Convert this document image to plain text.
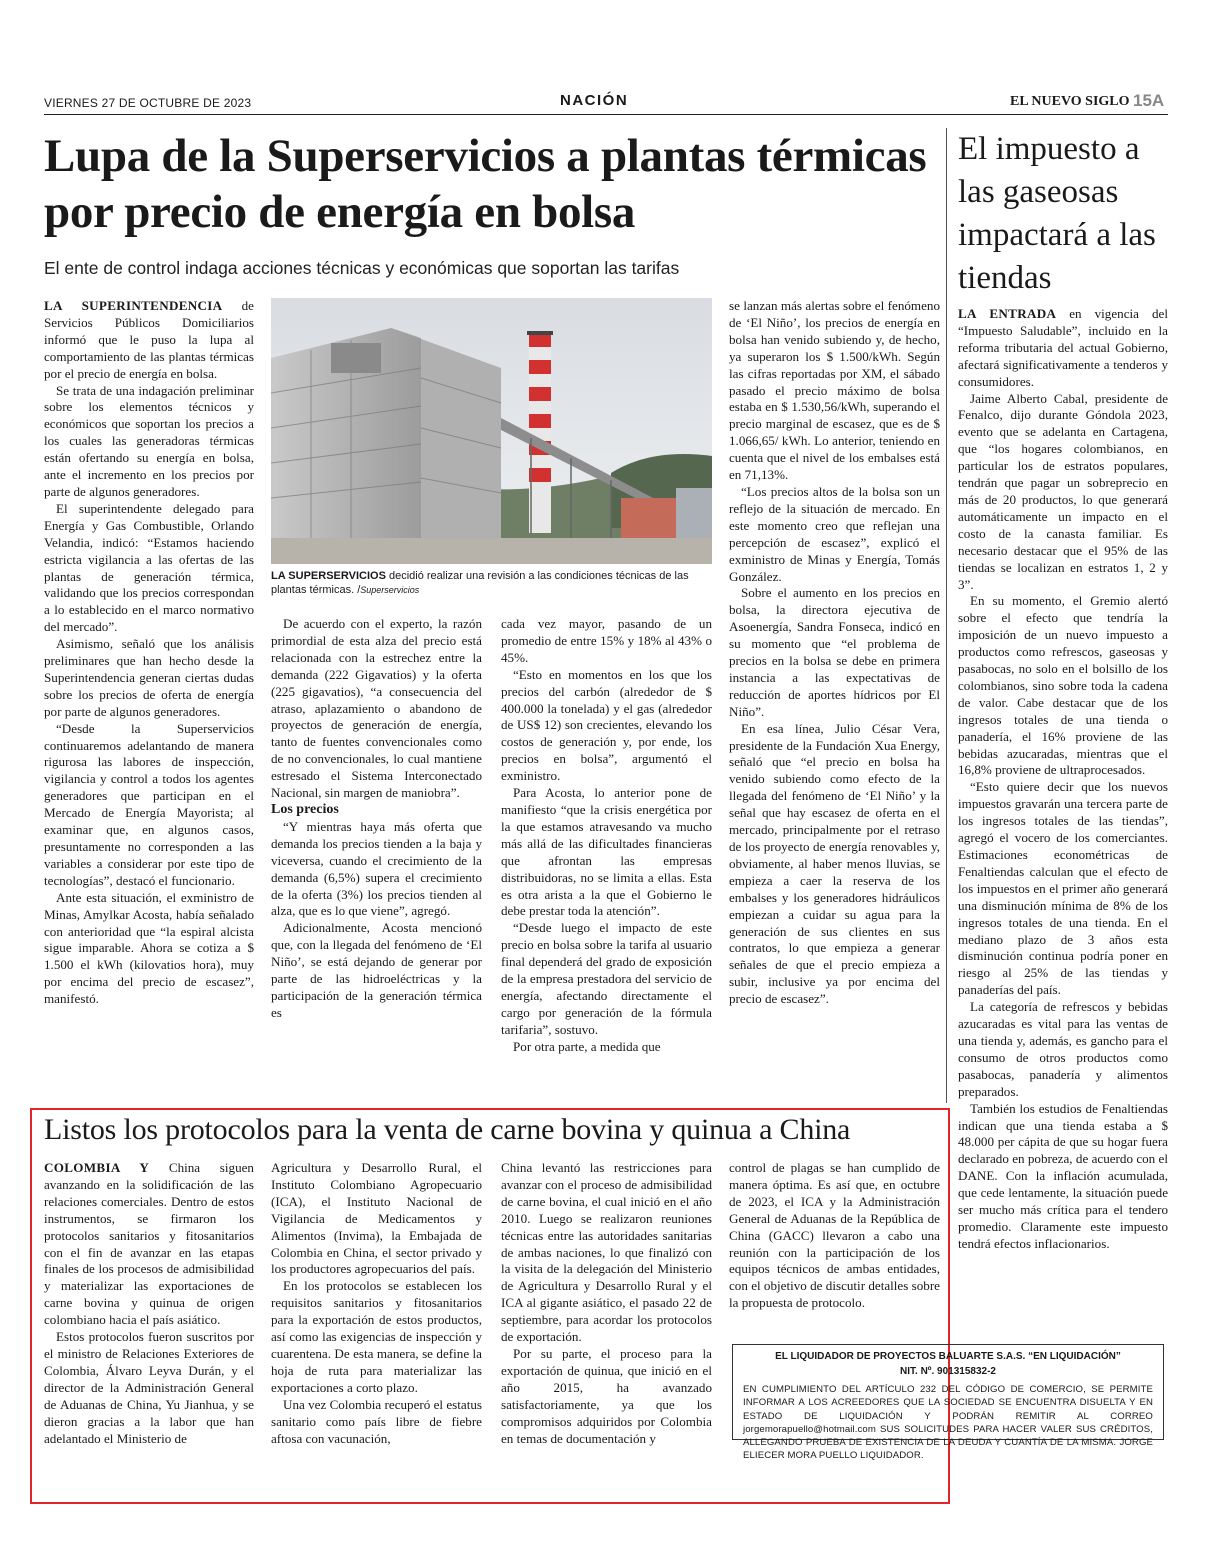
VIERNES 27 DE OCTUBRE DE 2023	NACIÓN	EL NUEVO SIGLO 15A
Lupa de la Superservicios a plantas térmicas por precio de energía en bolsa
El ente de control indaga acciones técnicas y económicas que soportan las tarifas

LA SUPERINTENDENCIA de Servicios Públicos Domiciliarios informó que le puso la lupa al comportamiento de las plantas térmicas por el precio de energía en bolsa.

Se trata de una indagación preliminar sobre los elementos técnicos y económicos que soportan los precios a los cuales las generadoras térmicas están ofertando su energía en bolsa, ante el incremento en los precios por parte de algunos generadores.

El superintendente delegado para Energía y Gas Combustible, Orlando Velandia, indicó: “Estamos haciendo estricta vigilancia a las ofertas de las plantas de generación térmica, validando que los precios correspondan a lo establecido en el marco normativo del mercado”.

Asimismo, señaló que los análisis preliminares que han hecho desde la Superintendencia generan ciertas dudas sobre los precios de oferta de energía por parte de algunos generadores.

“Desde la Superservicios continuaremos adelantando de manera rigurosa las labores de inspección, vigilancia y control a todos los agentes generadores que participan en el Mercado de Energía Mayorista; al examinar que, en algunos casos, presuntamente no corresponden a las variables a considerar por este tipo de tecnologías”, destacó el funcionario.

Ante esta situación, el exministro de Minas, Amylkar Acosta, había señalado con anterioridad que “la espiral alcista sigue imparable. Ahora se cotiza a $ 1.500 el kWh (kilovatios hora), muy por encima del precio de escasez”, manifestó.

LA SUPERSERVICIOS decidió realizar una revisión a las condiciones técnicas de las plantas térmicas. /Superservicios

De acuerdo con el experto, la razón primordial de esta alza del precio está relacionada con la estrechez entre la demanda (222 Gigavatios) y la oferta (225 gigavatios), “a consecuencia del atraso, aplazamiento o abandono de proyectos de generación de energía, tanto de fuentes convencionales como de no convencionales, lo cual mantiene estresado el Sistema Interconectado Nacional, sin margen de maniobra”.

Los precios

“Y mientras haya más oferta que demanda los precios tienden a la baja y viceversa, cuando el crecimiento de la demanda (6,5%) supera el crecimiento de la oferta (3%) los precios tienden al alza, que es lo que viene”, agregó.

Adicionalmente, Acosta mencionó que, con la llegada del fenómeno de ‘El Niño’, se está dejando de generar por parte de las hidroeléctricas y la participación de la generación térmica es

cada vez mayor, pasando de un promedio de entre 15% y 18% al 43% o 45%.

“Esto en momentos en los que los precios del carbón (alrededor de $ 400.000 la tonelada) y el gas (alrededor de US$ 12) son crecientes, elevando los costos de generación y, por ende, los precios en bolsa”, argumentó el exministro.

Para Acosta, lo anterior pone de manifiesto “que la crisis energética por la que estamos atravesando va mucho más allá de las dificultades financieras que afrontan las empresas distribuidoras, no se limita a ellas. Esta es otra arista a la que el Gobierno le debe prestar toda la atención”.

“Desde luego el impacto de este precio en bolsa sobre la tarifa al usuario final dependerá del grado de exposición de la empresa prestadora del servicio de energía, afectando directamente el cargo por generación de la fórmula tarifaria”, sostuvo.

Por otra parte, a medida que

se lanzan más alertas sobre el fenómeno de ‘El Niño’, los precios de energía en bolsa han venido subiendo y, de hecho, ya superaron los $ 1.500/kWh. Según las cifras reportadas por XM, el sábado pasado el precio máximo de bolsa estaba en $ 1.530,56/kWh, superando el precio marginal de escasez, que es de $ 1.066,65/ kWh. Lo anterior, teniendo en cuenta que el nivel de los embalses está en 71,13%.

“Los precios altos de la bolsa son un reflejo de la situación de mercado. En este momento creo que reflejan una percepción de escasez”, explicó el exministro de Minas y Energía, Tomás González.

Sobre el aumento en los precios en bolsa, la directora ejecutiva de Asoenergía, Sandra Fonseca, indicó en su momento que “el problema de precios en la bolsa se debe en primera instancia a las expectativas de reducción de aportes hídricos por El Niño”.

En esa línea, Julio César Vera, presidente de la Fundación Xua Energy, señaló que “el precio en bolsa ha venido subiendo como efecto de la llegada del fenómeno de ‘El Niño’ y la señal que hay escasez de oferta en el mercado, principalmente por el retraso de los proyecto de energía renovables y, obviamente, al haber menos lluvias, se empieza a caer la reserva de los embalses y los generadores hidráulicos empiezan a cuidar su agua para la generación de sus clientes en sus contratos, lo que empieza a generar señales de que el precio empieza a subir, inclusive ya por encima del precio de escasez”.

El impuesto a las gaseosas impactará a las tiendas

LA ENTRADA en vigencia del “Impuesto Saludable”, incluido en la reforma tributaria del actual Gobierno, afectará significativamente a tenderos y consumidores.

Jaime Alberto Cabal, presidente de Fenalco, dijo durante Góndola 2023, evento que se adelanta en Cartagena, que “los hogares colombianos, en particular los de estratos populares, tendrán que pagar un sobreprecio en más de 20 productos, lo que generará automáticamente un impacto en el costo de la canasta familiar. Es necesario destacar que el 95% de las tiendas se localizan en estratos 1, 2 y 3”.

En su momento, el Gremio alertó sobre el efecto que tendría la imposición de un nuevo impuesto a productos como refrescos, gaseosas y pasabocas, no solo en el bolsillo de los colombianos, sino sobre toda la cadena de valor. Cabe destacar que de los ingresos totales de una tienda o panadería, el 16% proviene de las bebidas azucaradas, mientras que el 16,8% proviene de ultraprocesados.

“Esto quiere decir que los nuevos impuestos gravarán una tercera parte de los ingresos totales de las tiendas”, agregó el vocero de los comerciantes. Estimaciones econométricas de Fenaltiendas calculan que el efecto de los impuestos en el primer año generará una disminución mínima de 8% de los ingresos totales de una tienda. En el mediano plazo de 3 años esta disminución continua podría poner en riesgo al 25% de las tiendas y panaderías del país.

La categoría de refrescos y bebidas azucaradas es vital para las ventas de una tienda y, además, es gancho para el consumo de otros productos como pasabocas, panadería y alimentos preparados.

También los estudios de Fenaltiendas indican que una tienda estaba a $ 48.000 per cápita de que su hogar fuera declarado en pobreza, de acuerdo con el DANE. Con la inflación acumulada, que cede lentamente, la situación puede ser mucho más crítica para el tendero promedio. Claramente este impuesto tendrá efectos inflacionarios.

Listos los protocolos para la venta de carne bovina y quinua a China

COLOMBIA Y China siguen avanzando en la solidificación de las relaciones comerciales. Dentro de estos instrumentos, se firmaron los protocolos sanitarios y fitosanitarios con el fin de avanzar en las etapas finales de los procesos de admisibilidad y materializar las exportaciones de carne bovina y quinua de origen colombiano hacia el país asiático.

Estos protocolos fueron suscritos por el ministro de Relaciones Exteriores de Colombia, Álvaro Leyva Durán, y el director de la Administración General de Aduanas de China, Yu Jianhua, y se dieron gracias a la labor que han adelantado el Ministerio de

Agricultura y Desarrollo Rural, el Instituto Colombiano Agropecuario (ICA), el Instituto Nacional de Vigilancia de Medicamentos y Alimentos (Invima), la Embajada de Colombia en China, el sector privado y los productores agropecuarios del país.

En los protocolos se establecen los requisitos sanitarios y fitosanitarios para la exportación de estos productos, así como las exigencias de inspección y cuarentena. De esta manera, se define la hoja de ruta para materializar las exportaciones a corto plazo.

Una vez Colombia recuperó el estatus sanitario como país libre de fiebre aftosa con vacunación,

China levantó las restricciones para avanzar con el proceso de admisibilidad de carne bovina, el cual inició en el año 2010. Luego se realizaron reuniones técnicas entre las autoridades sanitarias de ambas naciones, lo que finalizó con la visita de la delegación del Ministerio de Agricultura y Desarrollo Rural y el ICA al gigante asiático, el pasado 22 de septiembre, para acordar los protocolos de exportación.

Por su parte, el proceso para la exportación de quinua, que inició en el año 2015, ha avanzado satisfactoriamente, ya que los compromisos adquiridos por Colombia en temas de documentación y

control de plagas se han cumplido de manera óptima. Es así que, en octubre de 2023, el ICA y la Administración General de Aduanas de la República de China (GACC) llevaron a cabo una reunión con la participación de los equipos técnicos de ambas entidades, con el objetivo de discutir detalles sobre la propuesta de protocolo.

EL LIQUIDADOR DE PROYECTOS BALUARTE S.A.S. “EN LIQUIDACIÓN”
NIT. Nº. 901315832-2
EN CUMPLIMIENTO DEL ARTÍCULO 232 DEL CÓDIGO DE COMERCIO, SE PERMITE INFORMAR A LOS ACREEDORES QUE LA SOCIEDAD SE ENCUENTRA DISUELTA Y EN ESTADO DE LIQUIDACIÓN Y PODRÁN REMITIR AL CORREO jorgemorapuello@hotmail.com SUS SOLICITUDES PARA HACER VALER SUS CRÉDITOS, ALLEGANDO PRUEBA DE EXISTENCIA DE LA DEUDA Y CUANTÍA DE LA MISMA. JORGE ELIECER MORA PUELLO LIQUIDADOR.
